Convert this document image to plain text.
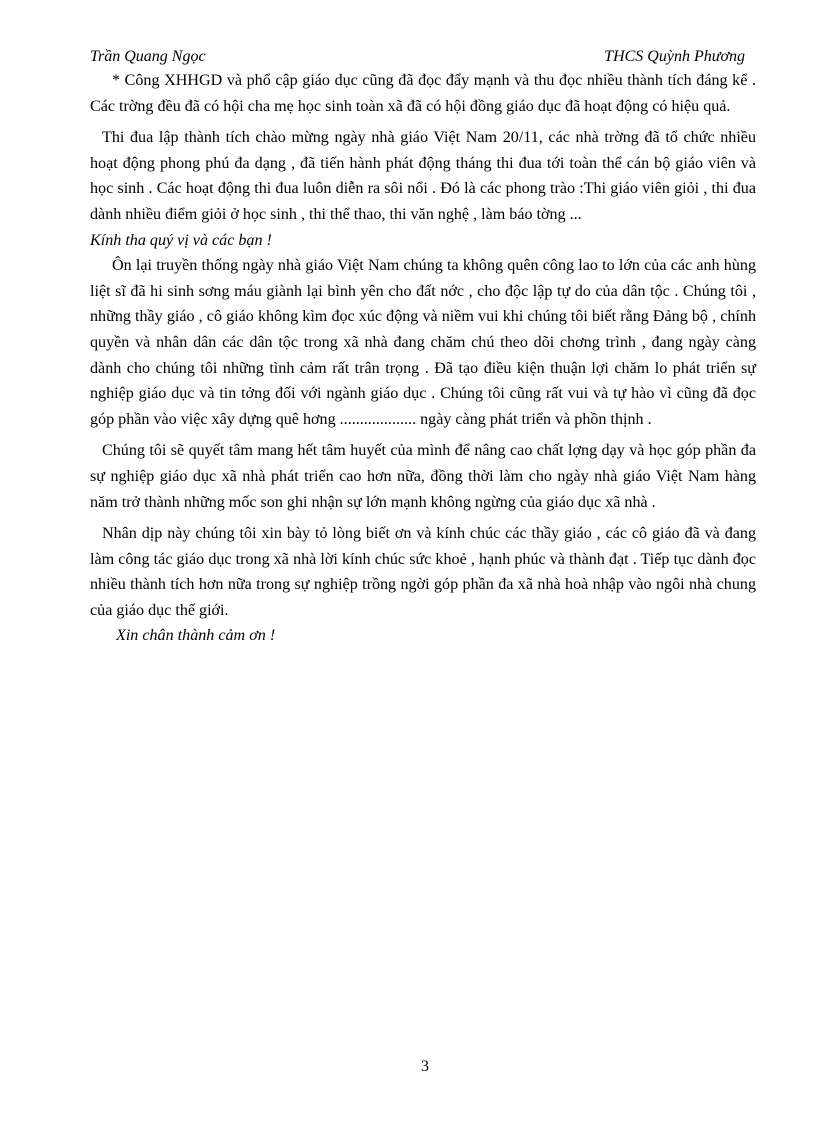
Trần Quang Ngọc	THCS Quỳnh Phương

* Công XHHGD và phổ cập giáo dục cũng đã đọc đẩy mạnh và thu đọc nhiều thành tích đáng kể . Các trờng đều đã có hội cha mẹ học sinh toàn xã đã có hội đồng giáo dục đã hoạt động có hiệu quả.

Thi đua lập thành tích chào mừng ngày nhà giáo Việt Nam 20/11, các nhà trờng đã tổ chức nhiều hoạt động phong phú đa dạng , đã tiến hành phát động tháng thi đua tới toàn thể cán bộ giáo viên và học sinh . Các hoạt động thi đua luôn diễn ra sôi nổi . Đó là các phong trào :Thi giáo viên giỏi , thi đua dành nhiều điểm giỏi ở học sinh , thi thể thao, thi văn nghệ , làm báo tờng ...

Kính tha quý vị và các bạn !

Ôn lại truyền thống ngày nhà giáo Việt Nam chúng ta không quên công lao to lớn của các anh hùng liệt sĩ đã hi sinh sơng máu giành lại bình yên cho đất nớc , cho độc lập tự do của dân tộc . Chúng tôi , những thầy giáo , cô giáo không kìm đọc xúc động và niềm vui khi chúng tôi biết rằng Đảng bộ , chính quyền và nhân dân các dân tộc trong xã nhà đang chăm chú theo dõi chơng trình , đang ngày càng dành cho chúng tôi những tình cảm rất trân trọng . Đã tạo điều kiện thuận lợi chăm lo phát triển sự nghiệp giáo dục và tin tởng đối với ngành giáo dục . Chúng tôi cũng rất vui và tự hào vì cũng đã đọc góp phần vào việc xây dựng quê hơng ................... ngày càng phát triển và phồn thịnh .

Chúng tôi sẽ quyết tâm mang hết tâm huyết của mình để nâng cao chất lợng dạy và học góp phần đa sự nghiệp giáo dục xã nhà phát triển cao hơn nữa, đồng thời làm cho ngày nhà giáo Việt Nam hàng năm trở thành những mốc son ghi nhận sự lớn mạnh không ngừng của giáo dục xã nhà .

Nhân dịp này chúng tôi xin bày tỏ lòng biết ơn và kính chúc các thầy giáo , các cô giáo đã và đang làm công tác giáo dục trong xã nhà lời kính chúc sức khoẻ , hạnh phúc và thành đạt . Tiếp tục dành đọc nhiều thành tích hơn nữa trong sự nghiệp trồng ngời góp phần đa xã nhà hoà nhập vào ngôi nhà chung của giáo dục thế giới.

Xin chân thành cảm ơn !

3
